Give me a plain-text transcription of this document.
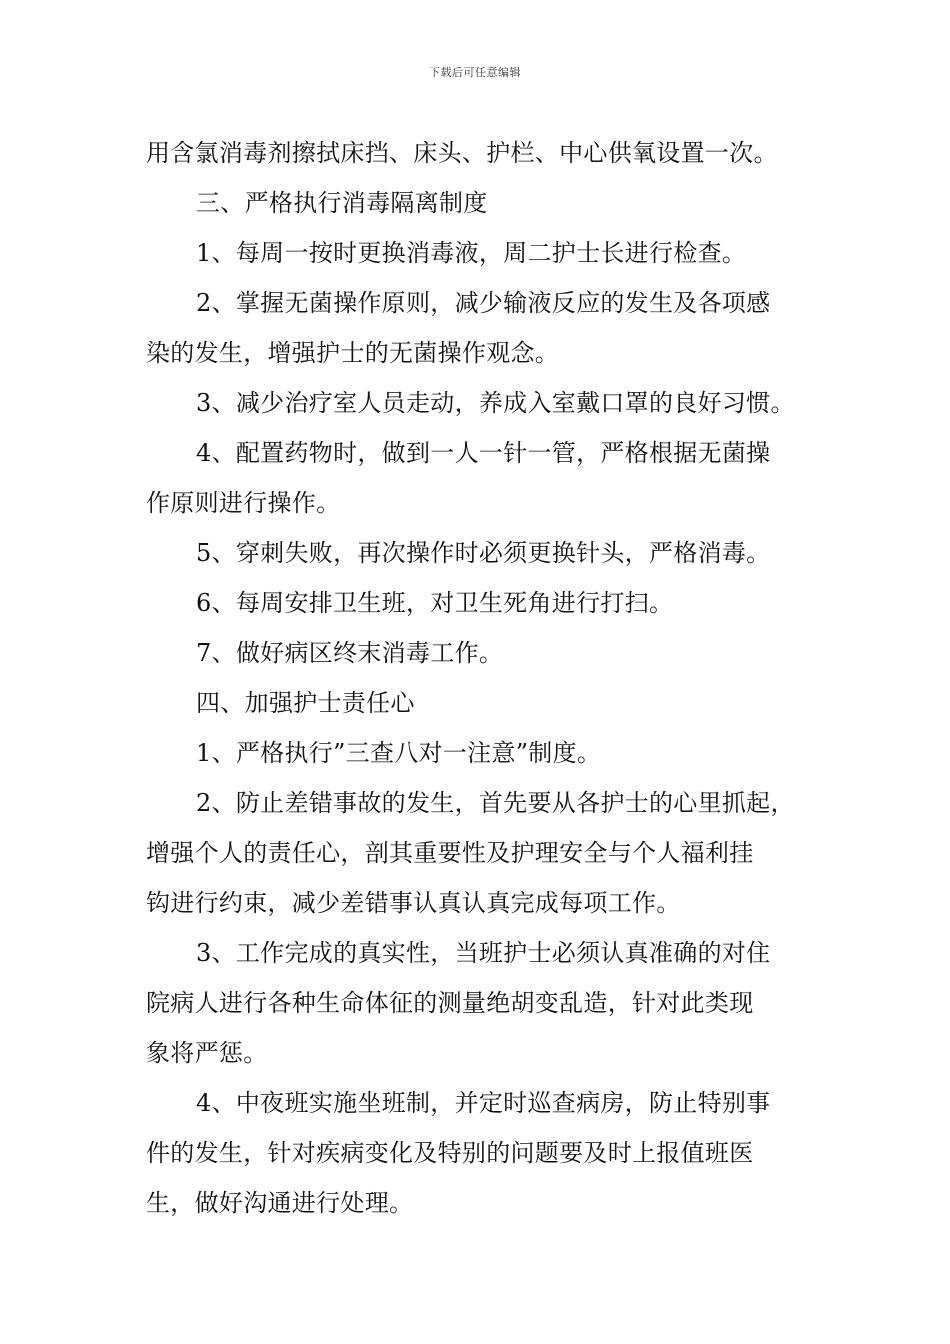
下载后可任意编辑
用含氯消毒剂擦拭床挡、床头、护栏、中心供氧设置一次。
三、严格执行消毒隔离制度
1、每周一按时更换消毒液，周二护士长进行检查。
2、掌握无菌操作原则，减少输液反应的发生及各项感
染的发生，增强护士的无菌操作观念。
3、减少治疗室人员走动，养成入室戴口罩的良好习惯。
4、配置药物时，做到一人一针一管，严格根据无菌操
作原则进行操作。
5、穿刺失败，再次操作时必须更换针头，严格消毒。
6、每周安排卫生班，对卫生死角进行打扫。
7、做好病区终末消毒工作。
四、加强护士责任心
1、严格执行”三查八对一注意”制度。
2、防止差错事故的发生，首先要从各护士的心里抓起，
增强个人的责任心，剖其重要性及护理安全与个人福利挂
钩进行约束，减少差错事认真认真完成每项工作。
3、工作完成的真实性，当班护士必须认真准确的对住
院病人进行各种生命体征的测量绝胡变乱造，针对此类现
象将严惩。
4、中夜班实施坐班制，并定时巡查病房，防止特别事
件的发生，针对疾病变化及特别的问题要及时上报值班医
生，做好沟通进行处理。
